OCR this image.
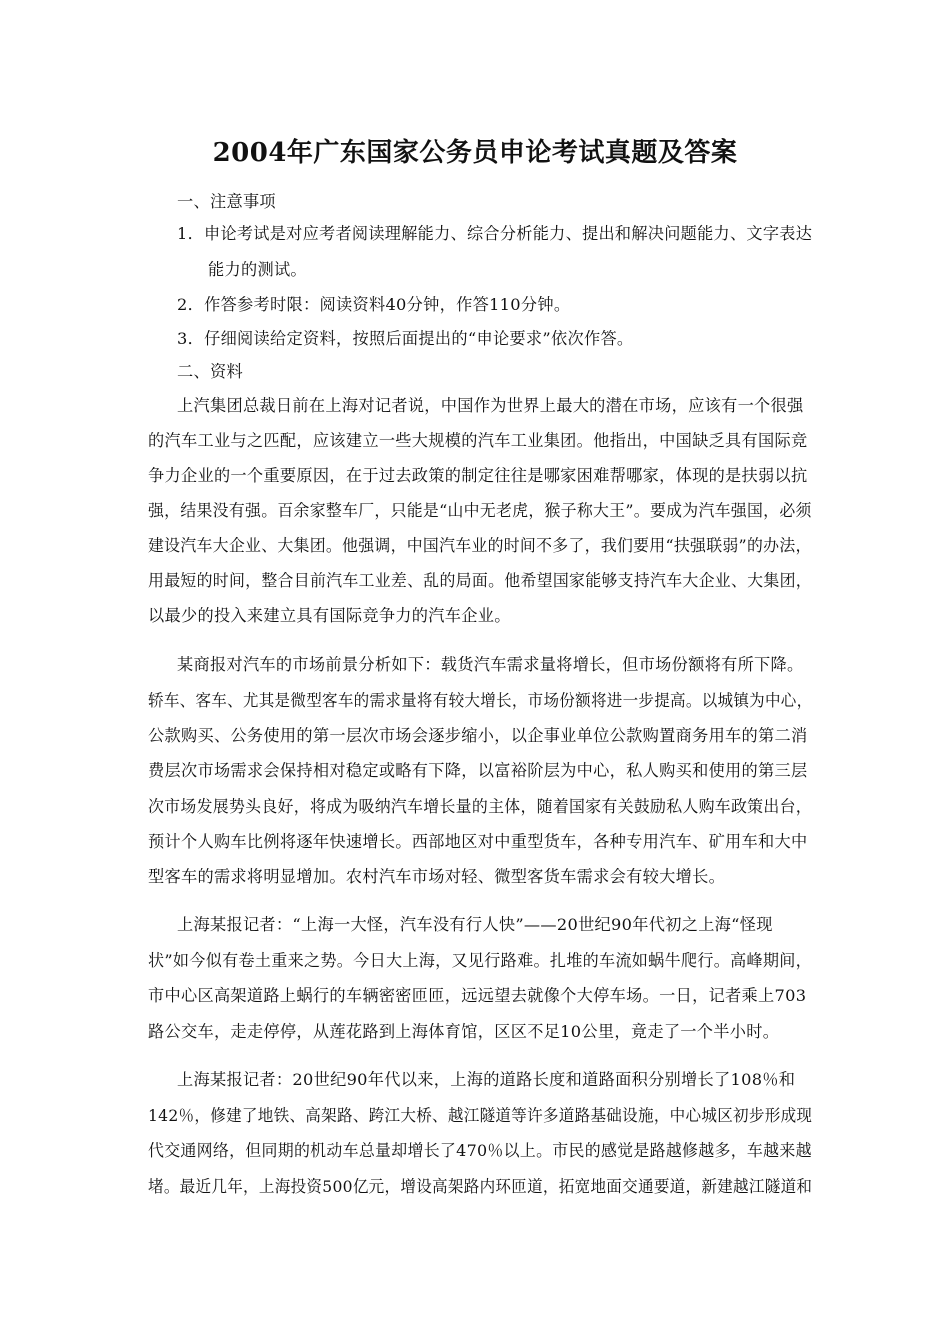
2004年广东国家公务员申论考试真题及答案
一、注意事项
1．申论考试是对应考者阅读理解能力、综合分析能力、提出和解决问题能力、文字表达
能力的测试。
2．作答参考时限：阅读资料40分钟，作答110分钟。
3．仔细阅读给定资料，按照后面提出的“申论要求”依次作答。
二、资料
上汽集团总裁日前在上海对记者说，中国作为世界上最大的潜在市场，应该有一个很强
的汽车工业与之匹配，应该建立一些大规模的汽车工业集团。他指出，中国缺乏具有国际竞
争力企业的一个重要原因，在于过去政策的制定往往是哪家困难帮哪家，体现的是扶弱以抗
强，结果没有强。百余家整车厂，只能是“山中无老虎，猴子称大王”。要成为汽车强国，必须
建设汽车大企业、大集团。他强调，中国汽车业的时间不多了，我们要用“扶强联弱”的办法，
用最短的时间，整合目前汽车工业差、乱的局面。他希望国家能够支持汽车大企业、大集团，
以最少的投入来建立具有国际竞争力的汽车企业。
某商报对汽车的市场前景分析如下：载货汽车需求量将增长，但市场份额将有所下降。
轿车、客车、尤其是微型客车的需求量将有较大增长，市场份额将进一步提高。以城镇为中心，
公款购买、公务使用的第一层次市场会逐步缩小，以企事业单位公款购置商务用车的第二消
费层次市场需求会保持相对稳定或略有下降，以富裕阶层为中心，私人购买和使用的第三层
次市场发展势头良好，将成为吸纳汽车增长量的主体，随着国家有关鼓励私人购车政策出台，
预计个人购车比例将逐年快速增长。西部地区对中重型货车，各种专用汽车、矿用车和大中
型客车的需求将明显增加。农村汽车市场对轻、微型客货车需求会有较大增长。
上海某报记者：“上海一大怪，汽车没有行人快”——20世纪90年代初之上海“怪现
状”如今似有卷土重来之势。今日大上海，又见行路难。扎堆的车流如蜗牛爬行。高峰期间，
市中心区高架道路上蜗行的车辆密密匝匝，远远望去就像个大停车场。一日，记者乘上703
路公交车，走走停停，从莲花路到上海体育馆，区区不足10公里，竟走了一个半小时。
上海某报记者：20世纪90年代以来，上海的道路长度和道路面积分别增长了108％和
142％，修建了地铁、高架路、跨江大桥、越江隧道等许多道路基础设施，中心城区初步形成现
代交通网络，但同期的机动车总量却增长了470％以上。市民的感觉是路越修越多，车越来越
堵。最近几年，上海投资500亿元，增设高架路内环匝道，拓宽地面交通要道，新建越江隧道和
